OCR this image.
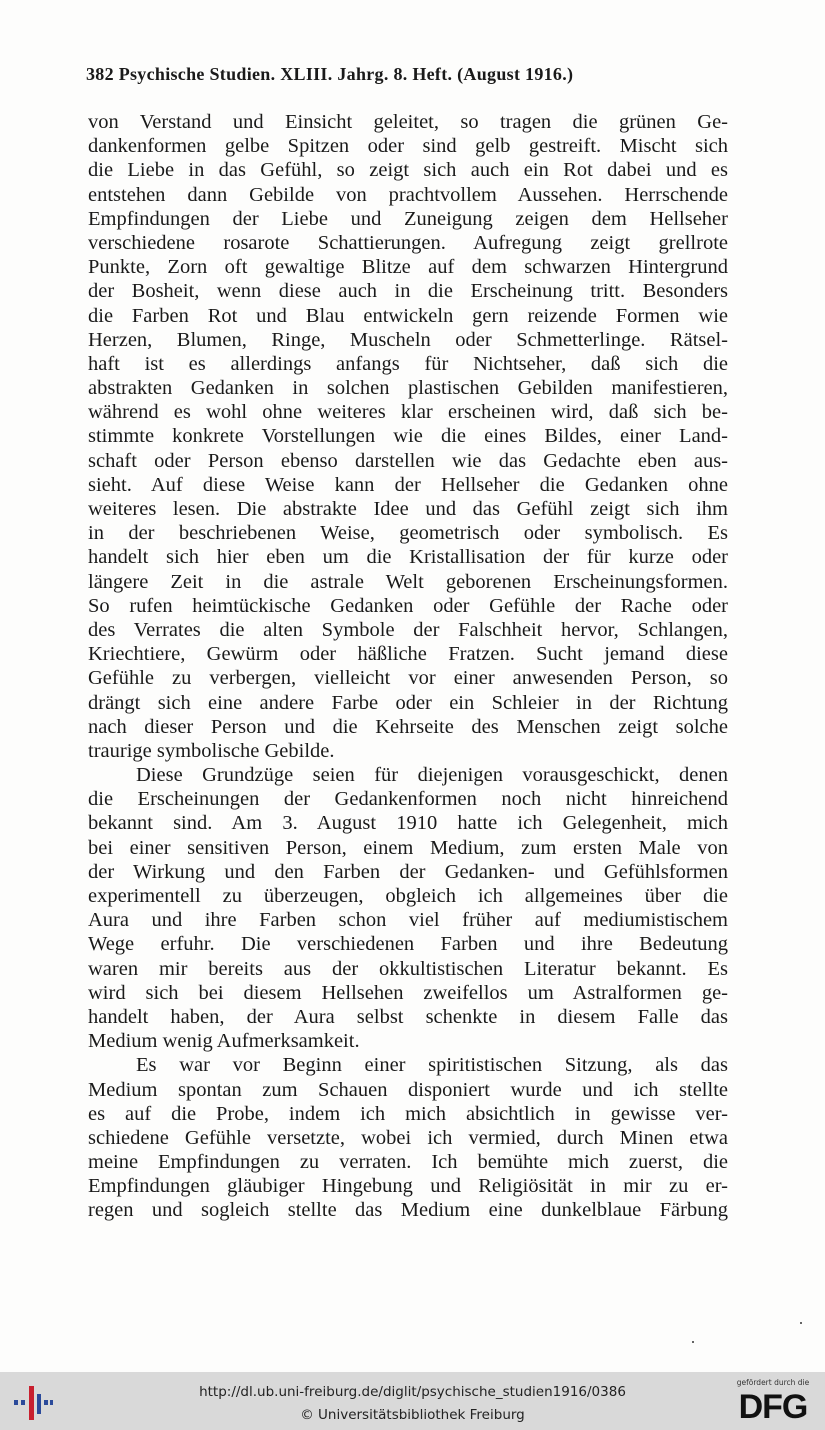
382 Psychische Studien. XLIII. Jahrg. 8. Heft. (August 1916.)
von Verstand und Einsicht geleitet, so tragen die grünen Ge-
dankenformen gelbe Spitzen oder sind gelb gestreift. Mischt sich
die Liebe in das Gefühl, so zeigt sich auch ein Rot dabei und es
entstehen dann Gebilde von prachtvollem Aussehen. Herrschende
Empfindungen der Liebe und Zuneigung zeigen dem Hellseher
verschiedene rosarote Schattierungen. Aufregung zeigt grellrote
Punkte, Zorn oft gewaltige Blitze auf dem schwarzen Hintergrund
der Bosheit, wenn diese auch in die Erscheinung tritt. Besonders
die Farben Rot und Blau entwickeln gern reizende Formen wie
Herzen, Blumen, Ringe, Muscheln oder Schmetterlinge. Rätsel-
haft ist es allerdings anfangs für Nichtseher, daß sich die
abstrakten Gedanken in solchen plastischen Gebilden manifestieren,
während es wohl ohne weiteres klar erscheinen wird, daß sich be-
stimmte konkrete Vorstellungen wie die eines Bildes, einer Land-
schaft oder Person ebenso darstellen wie das Gedachte eben aus-
sieht. Auf diese Weise kann der Hellseher die Gedanken ohne
weiteres lesen. Die abstrakte Idee und das Gefühl zeigt sich ihm
in der beschriebenen Weise, geometrisch oder symbolisch. Es
handelt sich hier eben um die Kristallisation der für kurze oder
längere Zeit in die astrale Welt geborenen Erscheinungsformen.
So rufen heimtückische Gedanken oder Gefühle der Rache oder
des Verrates die alten Symbole der Falschheit hervor, Schlangen,
Kriechtiere, Gewürm oder häßliche Fratzen. Sucht jemand diese
Gefühle zu verbergen, vielleicht vor einer anwesenden Person, so
drängt sich eine andere Farbe oder ein Schleier in der Richtung
nach dieser Person und die Kehrseite des Menschen zeigt solche
traurige symbolische Gebilde.
Diese Grundzüge seien für diejenigen vorausgeschickt, denen
die Erscheinungen der Gedankenformen noch nicht hinreichend
bekannt sind. Am 3. August 1910 hatte ich Gelegenheit, mich
bei einer sensitiven Person, einem Medium, zum ersten Male von
der Wirkung und den Farben der Gedanken- und Gefühlsformen
experimentell zu überzeugen, obgleich ich allgemeines über die
Aura und ihre Farben schon viel früher auf mediumistischem
Wege erfuhr. Die verschiedenen Farben und ihre Bedeutung
waren mir bereits aus der okkultistischen Literatur bekannt. Es
wird sich bei diesem Hellsehen zweifellos um Astralformen ge-
handelt haben, der Aura selbst schenkte in diesem Falle das
Medium wenig Aufmerksamkeit.
Es war vor Beginn einer spiritistischen Sitzung, als das
Medium spontan zum Schauen disponiert wurde und ich stellte
es auf die Probe, indem ich mich absichtlich in gewisse ver-
schiedene Gefühle versetzte, wobei ich vermied, durch Minen etwa
meine Empfindungen zu verraten. Ich bemühte mich zuerst, die
Empfindungen gläubiger Hingebung und Religiösität in mir zu er-
regen und sogleich stellte das Medium eine dunkelblaue Färbung
http://dl.ub.uni-freiburg.de/diglit/psychische_studien1916/0386
© Universitätsbibliothek Freiburg
gefördert durch die
DFG
